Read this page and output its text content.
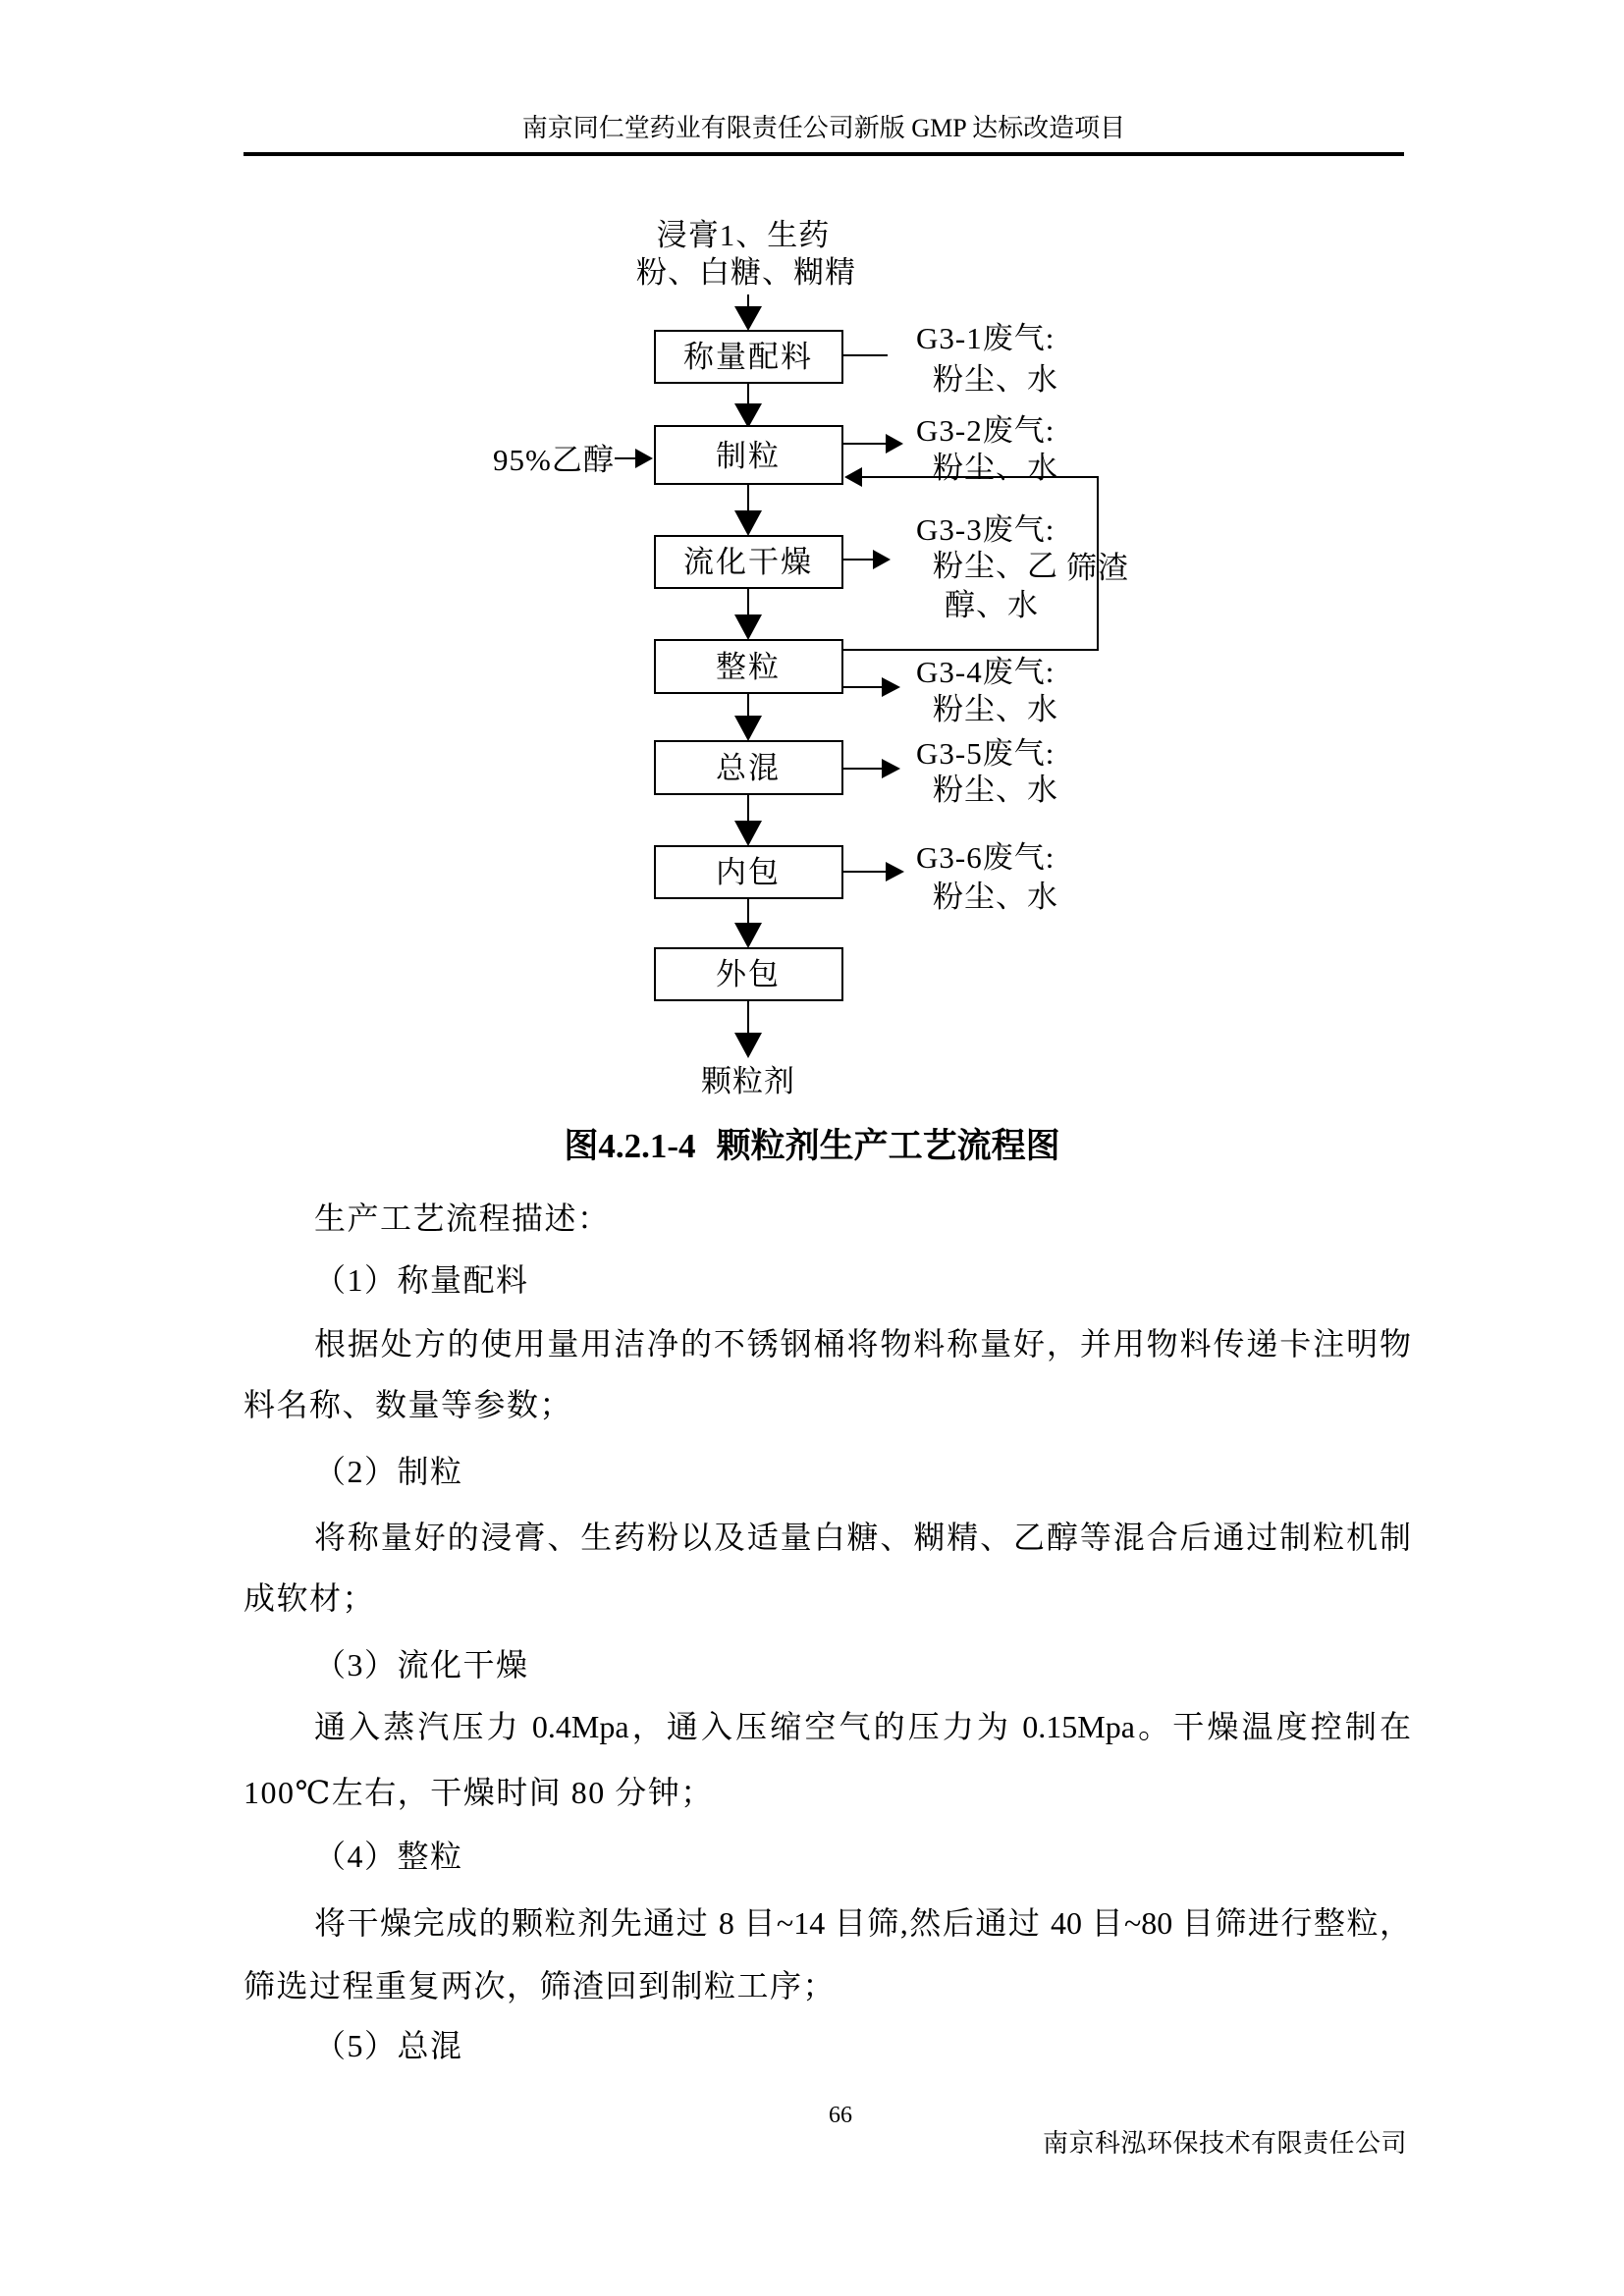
南京同仁堂药业有限责任公司新版 GMP 达标改造项目
浸膏1、生药
粉、白糖、糊精
称量配料
制粒
流化干燥
整粒
总混
内包
外包
95%乙醇
筛渣
G3-1废气:
粉尘、水
G3-2废气:
粉尘、水
G3-3废气:
粉尘、乙
醇、水
G3-4废气:
粉尘、水
G3-5废气:
粉尘、水
G3-6废气:
粉尘、水
颗粒剂
图4.2.1-4 颗粒剂生产工艺流程图
生产工艺流程描述：
（1）称量配料
根据处方的使用量用洁净的不锈钢桶将物料称量好，并用物料传递卡注明物
料名称、数量等参数；
（2）制粒
将称量好的浸膏、生药粉以及适量白糖、糊精、乙醇等混合后通过制粒机制
成软材；
（3）流化干燥
通入蒸汽压力 0.4Mpa，通入压缩空气的压力为 0.15Mpa。干燥温度控制在
100℃左右，干燥时间 80 分钟；
（4）整粒
将干燥完成的颗粒剂先通过 8 目~14 目筛,然后通过 40 目~80 目筛进行整粒，
筛选过程重复两次，筛渣回到制粒工序；
（5）总混
66
南京科泓环保技术有限责任公司
